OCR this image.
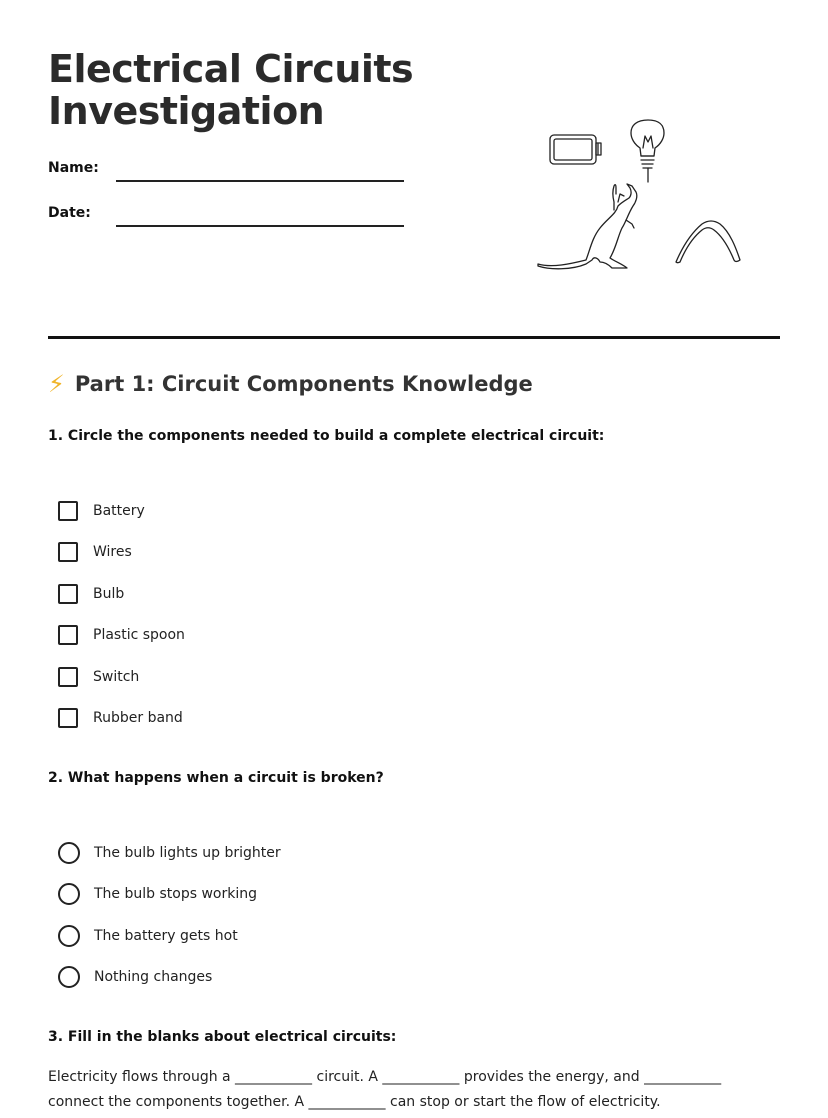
Electrical Circuits Investigation
Name:
Date:
⚡ Part 1: Circuit Components Knowledge

1. Circle the components needed to build a complete electrical circuit:

Battery
Wires
Bulb
Plastic spoon
Switch
Rubber band

2. What happens when a circuit is broken?

The bulb lights up brighter
The bulb stops working
The battery gets hot
Nothing changes

3. Fill in the blanks about electrical circuits:

Electricity flows through a ___________ circuit. A ___________ provides the energy, and ___________ connect the components together. A ___________ can stop or start the flow of electricity.
